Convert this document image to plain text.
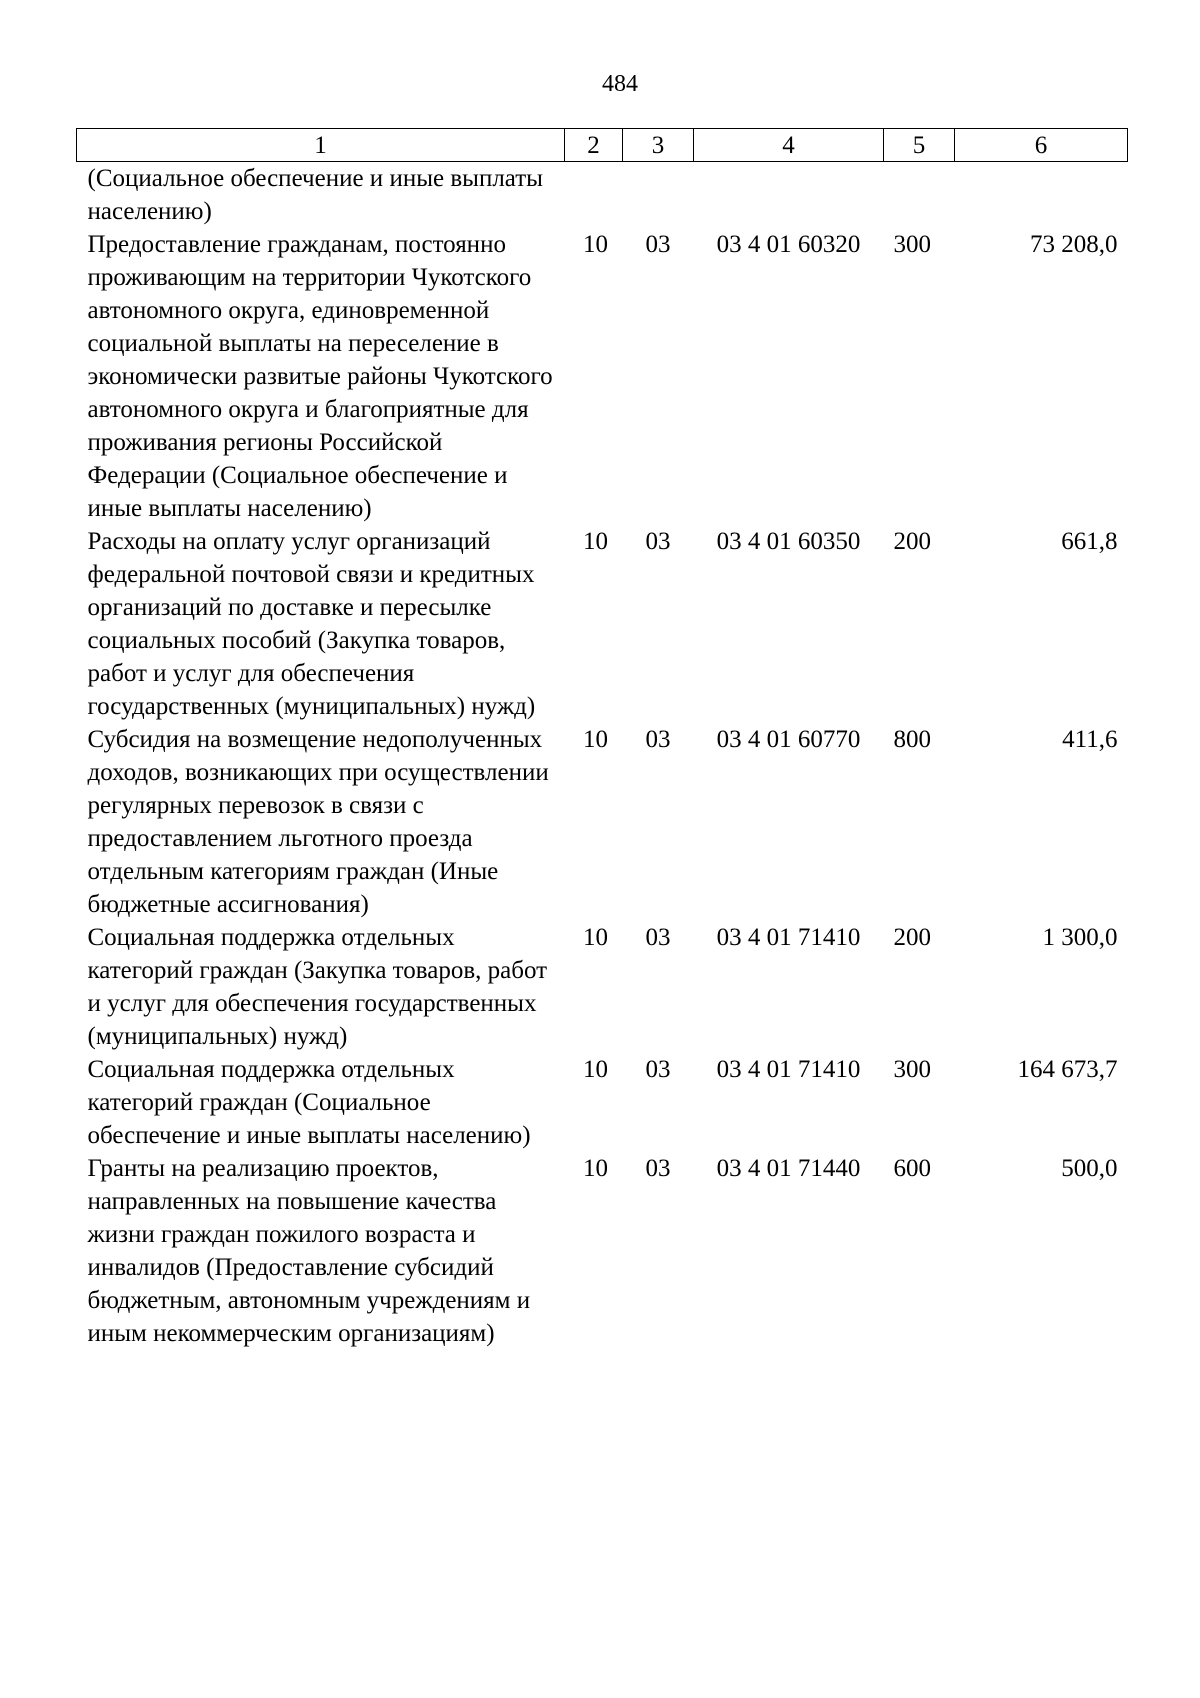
484
1	2	3	4	5	6
(Социальное обеспечение и иные выплаты населению)					
Предоставление гражданам, постоянно проживающим на территории Чукотского автономного округа, единовременной социальной выплаты на переселение в экономически развитые районы Чукотского автономного округа и благоприятные для проживания регионы Российской Федерации (Социальное обеспечение и иные выплаты населению)	10	03	03 4 01 60320	300	73 208,0
Расходы на оплату услуг организаций федеральной почтовой связи и кредитных организаций по доставке и пересылке социальных пособий (Закупка товаров, работ и услуг для обеспечения государственных (муниципальных) нужд)	10	03	03 4 01 60350	200	661,8
Субсидия на возмещение недополученных доходов, возникающих при осуществлении регулярных перевозок в связи с предоставлением льготного проезда отдельным категориям граждан (Иные бюджетные ассигнования)	10	03	03 4 01 60770	800	411,6
Социальная поддержка отдельных категорий граждан (Закупка товаров, работ и услуг для обеспечения государственных (муниципальных) нужд)	10	03	03 4 01 71410	200	1 300,0
Социальная поддержка отдельных категорий граждан (Социальное обеспечение и иные выплаты населению)	10	03	03 4 01 71410	300	164 673,7
Гранты на реализацию проектов, направленных на повышение качества жизни граждан пожилого возраста и инвалидов (Предоставление субсидий бюджетным, автономным учреждениям и иным некоммерческим организациям)	10	03	03 4 01 71440	600	500,0
